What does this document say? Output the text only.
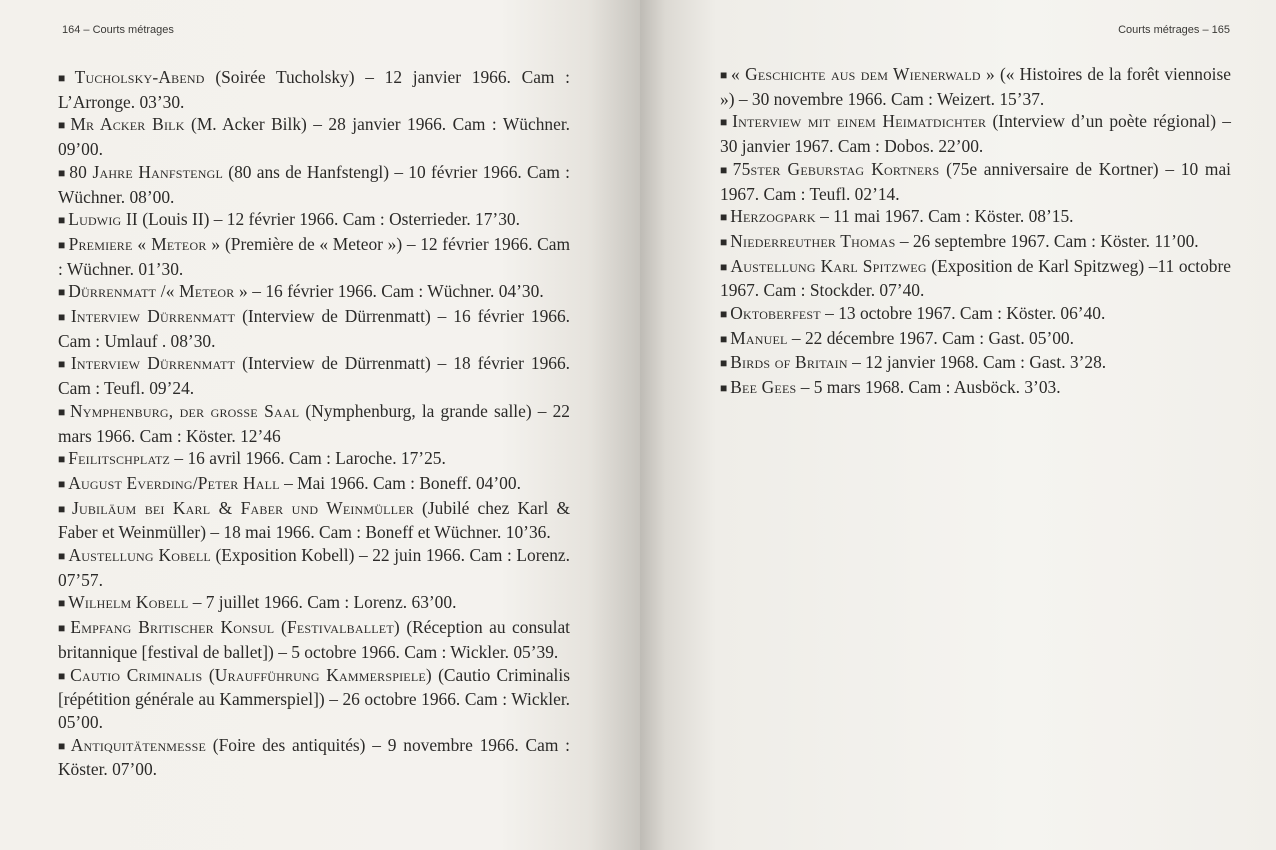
164 – Courts métrages

■ Tucholsky-Abend (Soirée Tucholsky) – 12 janvier 1966. Cam : L’Arronge. 03’30.

■ Mr Acker Bilk (M. Acker Bilk) – 28 janvier 1966. Cam : Wüchner. 09’00.

■ 80 Jahre Hanfstengl (80 ans de Hanfstengl) – 10 février 1966. Cam : Wüchner. 08’00.

■ Ludwig II (Louis II) – 12 février 1966. Cam : Osterrieder. 17’30.

■ Premiere « Meteor » (Première de « Meteor ») – 12 février 1966. Cam : Wüchner. 01’30.

■ Dürrenmatt /« Meteor » – 16 février 1966. Cam : Wüchner. 04’30.

■ Interview Dürrenmatt (Interview de Dürrenmatt) – 16 février 1966. Cam : Umlauf . 08’30.

■ Interview Dürrenmatt (Interview de Dürrenmatt) – 18 février 1966. Cam : Teufl. 09’24.

■ Nymphenburg, der grosse Saal (Nymphenburg, la grande salle) – 22 mars 1966. Cam : Köster. 12’46

■ Feilitschplatz – 16 avril 1966. Cam : Laroche. 17’25.

■ August Everding/Peter Hall – Mai 1966. Cam : Boneff. 04’00.

■ Jubiläum bei Karl & Faber und Weinmüller (Jubilé chez Karl & Faber et Weinmüller) – 18 mai 1966. Cam : Boneff et Wüchner. 10’36.

■ Austellung Kobell (Exposition Kobell) – 22 juin 1966. Cam : Lorenz. 07’57.

■ Wilhelm Kobell – 7 juillet 1966. Cam : Lorenz. 63’00.

■ Empfang Britischer Konsul (Festivalballet) (Réception au consulat britannique [festival de ballet]) – 5 octobre 1966. Cam : Wickler. 05’39.

■ Cautio Criminalis (Uraufführung Kammerspiele) (Cautio Criminalis [répétition générale au Kammerspiel]) – 26 octobre 1966. Cam : Wickler. 05’00.

■ Antiquitätenmesse (Foire des antiquités) – 9 novembre 1966. Cam : Köster. 07’00.

Courts métrages – 165

■ « Geschichte aus dem Wienerwald » (« Histoires de la forêt viennoise ») – 30 novembre 1966. Cam : Weizert. 15’37.

■ Interview mit einem Heimatdichter (Interview d’un poète régional) – 30 janvier 1967. Cam : Dobos. 22’00.

■ 75ster Geburstag Kortners (75e anniversaire de Kortner) – 10 mai 1967. Cam : Teufl. 02’14.

■ Herzogpark – 11 mai 1967. Cam : Köster. 08’15.

■ Niederreuther Thomas – 26 septembre 1967. Cam : Köster. 11’00.

■ Austellung Karl Spitzweg (Exposition de Karl Spitzweg) –11 octobre 1967. Cam : Stockder. 07’40.

■ Oktoberfest – 13 octobre 1967. Cam : Köster. 06’40.

■ Manuel – 22 décembre 1967. Cam : Gast. 05’00.

■ Birds of Britain – 12 janvier 1968. Cam : Gast. 3’28.

■ Bee Gees – 5 mars 1968. Cam : Ausböck. 3’03.
